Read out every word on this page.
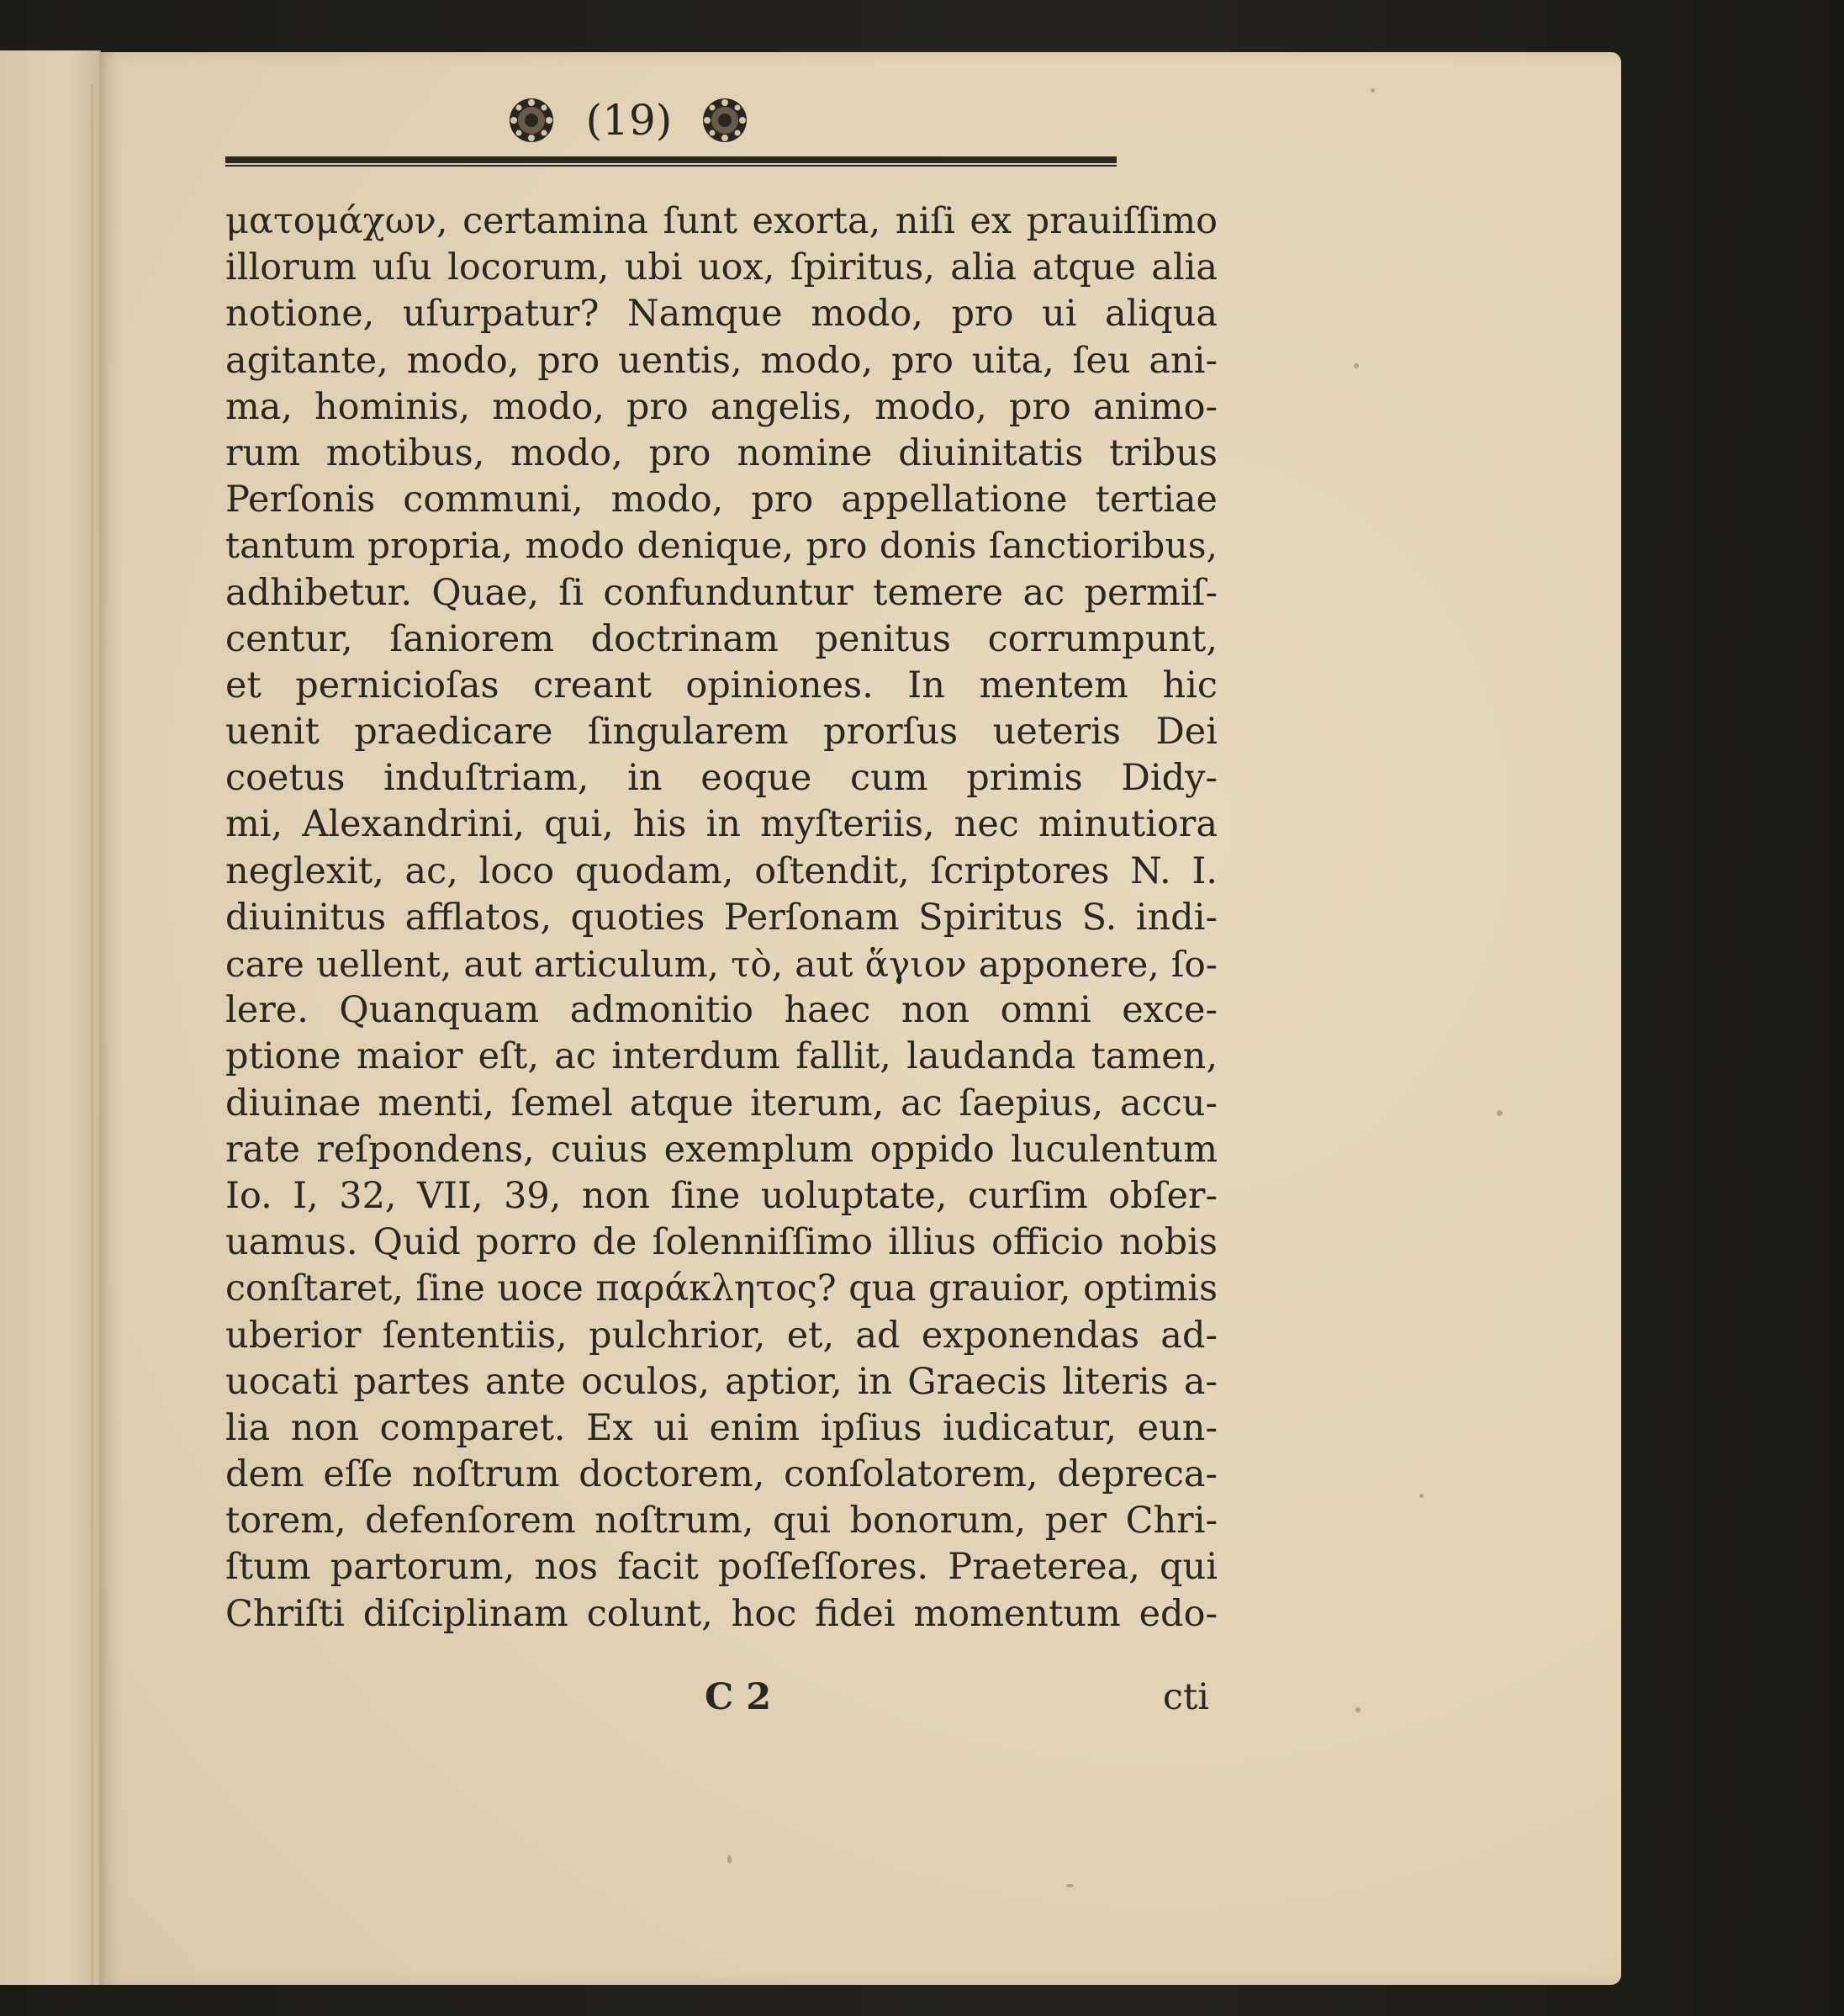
(19)
ματομάχων, certamina ſunt exorta, niſi ex prauiſſimo
illorum uſu locorum, ubi uox, ſpiritus, alia atque alia
notione, uſurpatur? Namque modo, pro ui aliqua
agitante, modo, pro uentis, modo, pro uita, ſeu ani-
ma, hominis, modo, pro angelis, modo, pro animo-
rum motibus, modo, pro nomine diuinitatis tribus
Perſonis communi, modo, pro appellatione tertiae
tantum propria, modo denique, pro donis ſanctioribus,
adhibetur. Quae, ſi confunduntur temere ac permiſ-
centur, ſaniorem doctrinam penitus corrumpunt,
et pernicioſas creant opiniones. In mentem hic
uenit praedicare ſingularem prorſus ueteris Dei
coetus induſtriam, in eoque cum primis Didy-
mi, Alexandrini, qui, his in myſteriis, nec minutiora
neglexit, ac, loco quodam, oſtendit, ſcriptores N. I.
diuinitus afflatos, quoties Perſonam Spiritus S. indi-
care uellent, aut articulum, τὸ, aut ἅγιον apponere, ſo-
lere. Quanquam admonitio haec non omni exce-
ptione maior eſt, ac interdum fallit, laudanda tamen,
diuinae menti, ſemel atque iterum, ac ſaepius, accu-
rate reſpondens, cuius exemplum oppido luculentum
Io. I, 32, VII, 39, non ſine uoluptate, curſim obſer-
uamus. Quid porro de ſolenniſſimo illius officio nobis
conſtaret, ſine uoce παράκλητος? qua grauior, optimis
uberior ſententiis, pulchrior, et, ad exponendas ad-
uocati partes ante oculos, aptior, in Graecis literis a-
lia non comparet. Ex ui enim ipſius iudicatur, eun-
dem eſſe noſtrum doctorem, conſolatorem, depreca-
torem, defenſorem noſtrum, qui bonorum, per Chri-
ſtum partorum, nos facit poſſeſſores. Praeterea, qui
Chriſti diſciplinam colunt, hoc fidei momentum edo-
C 2	cti
